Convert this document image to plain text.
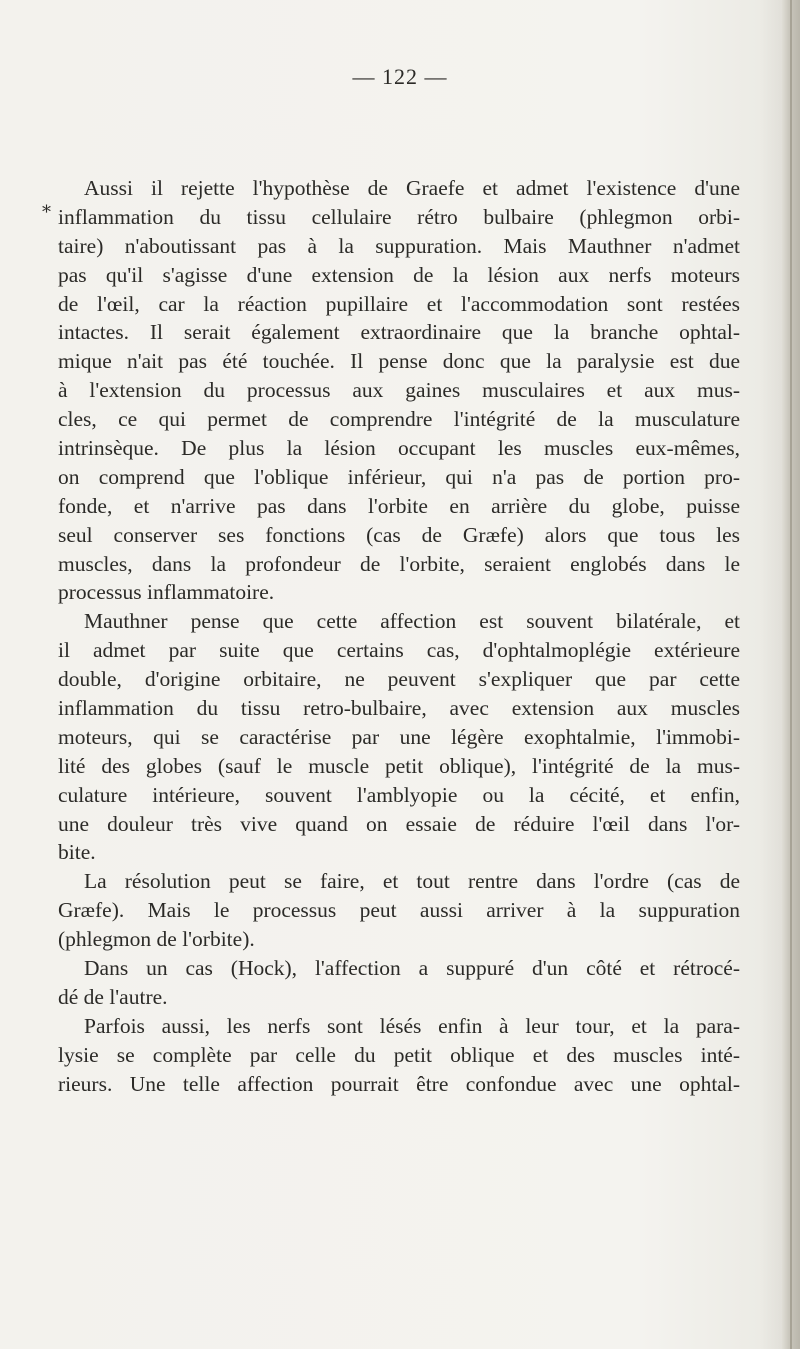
— 122 —
*
Aussi il rejette l'hypothèse de Graefe et admet l'existence d'une
inflammation du tissu cellulaire rétro bulbaire (phlegmon orbi-
taire) n'aboutissant pas à la suppuration. Mais Mauthner n'admet
pas qu'il s'agisse d'une extension de la lésion aux nerfs moteurs
de l'œil, car la réaction pupillaire et l'accommodation sont restées
intactes. Il serait également extraordinaire que la branche ophtal-
mique n'ait pas été touchée. Il pense donc que la paralysie est due
à l'extension du processus aux gaines musculaires et aux mus-
cles, ce qui permet de comprendre l'intégrité de la musculature
intrinsèque. De plus la lésion occupant les muscles eux-mêmes,
on comprend que l'oblique inférieur, qui n'a pas de portion pro-
fonde, et n'arrive pas dans l'orbite en arrière du globe, puisse
seul conserver ses fonctions (cas de Græfe) alors que tous les
muscles, dans la profondeur de l'orbite, seraient englobés dans le
processus inflammatoire.
Mauthner pense que cette affection est souvent bilatérale, et
il admet par suite que certains cas, d'ophtalmoplégie extérieure
double, d'origine orbitaire, ne peuvent s'expliquer que par cette
inflammation du tissu retro-bulbaire, avec extension aux muscles
moteurs, qui se caractérise par une légère exophtalmie, l'immobi-
lité des globes (sauf le muscle petit oblique), l'intégrité de la mus-
culature intérieure, souvent l'amblyopie ou la cécité, et enfin,
une douleur très vive quand on essaie de réduire l'œil dans l'or-
bite.
La résolution peut se faire, et tout rentre dans l'ordre (cas de
Græfe). Mais le processus peut aussi arriver à la suppuration
(phlegmon de l'orbite).
Dans un cas (Hock), l'affection a suppuré d'un côté et rétrocé-
dé de l'autre.
Parfois aussi, les nerfs sont lésés enfin à leur tour, et la para-
lysie se complète par celle du petit oblique et des muscles inté-
rieurs. Une telle affection pourrait être confondue avec une ophtal-
